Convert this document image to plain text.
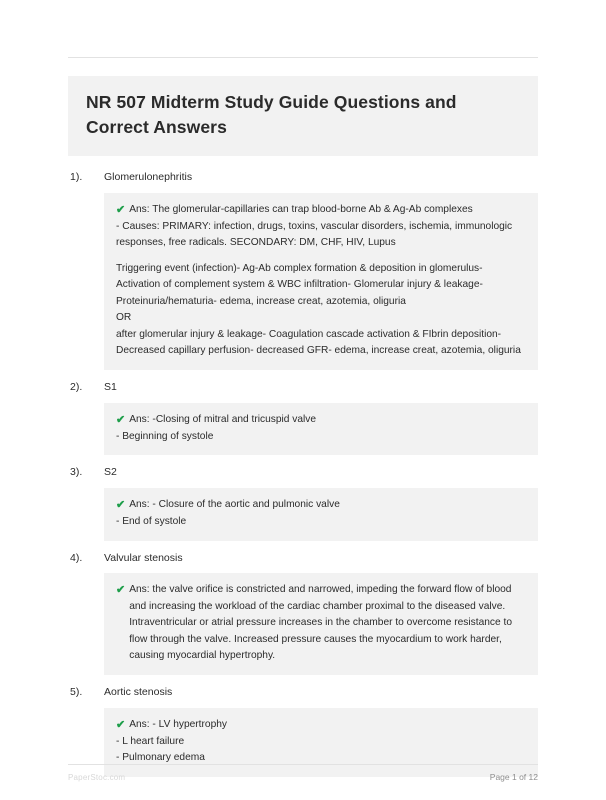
NR 507 Midterm Study Guide Questions and Correct Answers
1).	Glomerulonephritis
✔ Ans: The glomerular-capillaries can trap blood-borne Ab & Ag-Ab complexes
- Causes: PRIMARY: infection, drugs, toxins, vascular disorders, ischemia, immunologic responses, free radicals. SECONDARY: DM, CHF, HIV, Lupus
Triggering event (infection)- Ag-Ab complex formation & deposition in glomerulus- Activation of complement system & WBC infiltration- Glomerular injury & leakage- Proteinuria/hematuria- edema, increase creat, azotemia, oliguria
OR
after glomerular injury & leakage- Coagulation cascade activation & FIbrin deposition- Decreased capillary perfusion- decreased GFR- edema, increase creat, azotemia, oliguria
2).	S1
✔ Ans: -Closing of mitral and tricuspid valve
- Beginning of systole
3).	S2
✔ Ans: - Closure of the aortic and pulmonic valve
- End of systole
4).	Valvular stenosis
✔ Ans: the valve orifice is constricted and narrowed, impeding the forward flow of blood and increasing the workload of the cardiac chamber proximal to the diseased valve. Intraventricular or atrial pressure increases in the chamber to overcome resistance to flow through the valve. Increased pressure causes the myocardium to work harder, causing myocardial hypertrophy.
5).	Aortic stenosis
✔ Ans: - LV hypertrophy
- L heart failure
- Pulmonary edema
PaperStoc.com	Page 1 of 12
